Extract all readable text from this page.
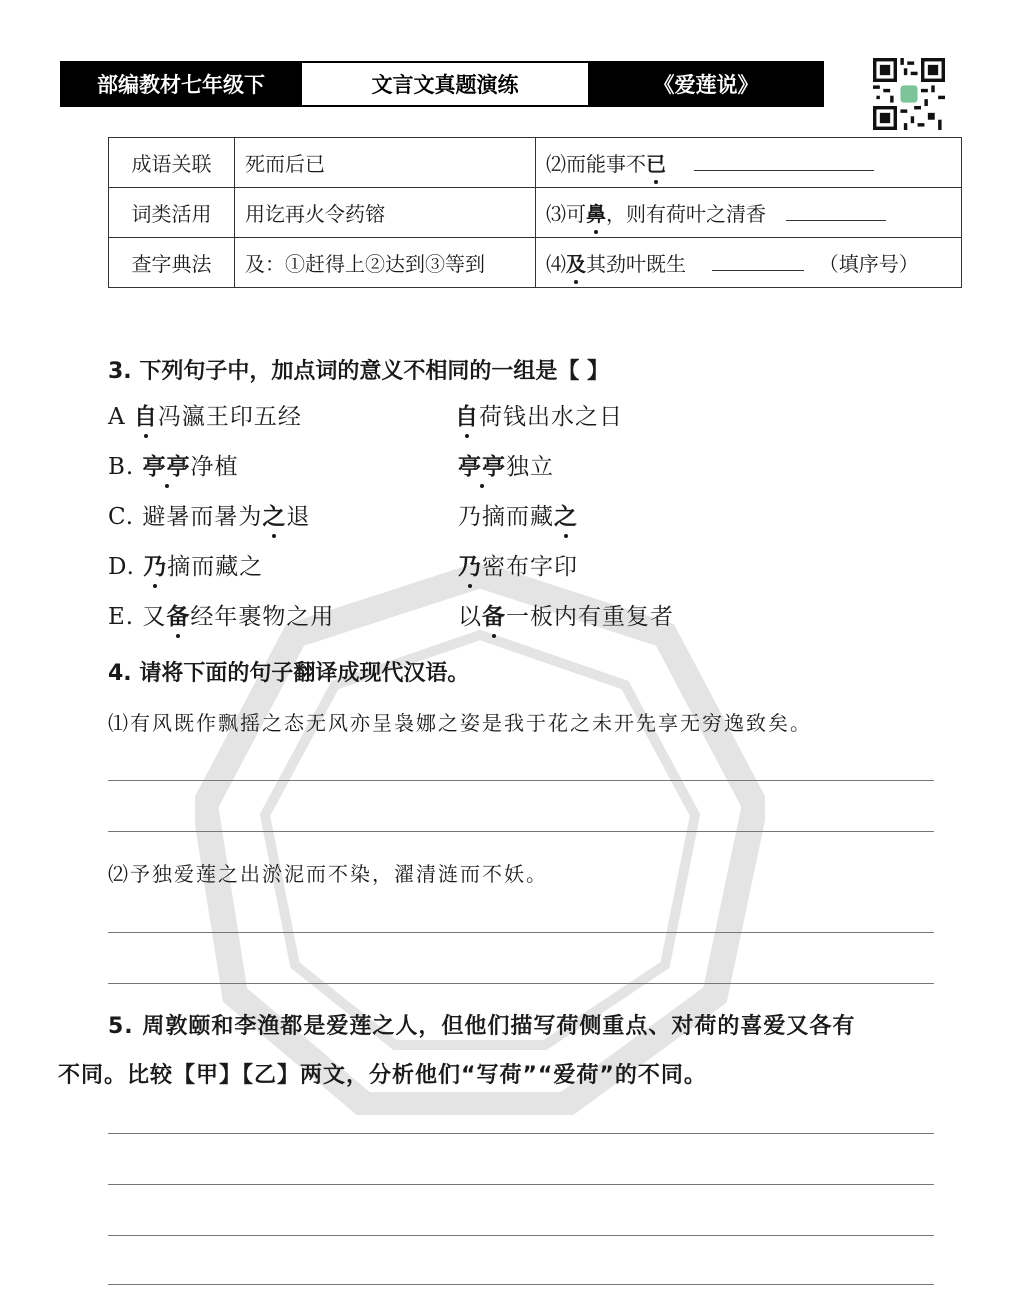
部编教材七年级下	文言文真题演练	《爱莲说》
成语关联	死而后已	⑵而能事不已
词类活用	用讫再火令药镕	⑶可鼻，则有荷叶之清香
查字典法	及：①赶得上②达到③等到	⑷及其劲叶既生 （填序号）
3. 下列句子中，加点词的意义不相同的一组是【 】
A 自冯瀛王印五经	自荷钱出水之日
B. 亭亭净植	亭亭独立
C. 避暑而暑为之退	乃摘而藏之
D. 乃摘而藏之	乃密布字印
E. 又备经年裹物之用	以备一板内有重复者
4. 请将下面的句子翻译成现代汉语。
⑴有风既作飘摇之态无风亦呈袅娜之姿是我于花之未开先享无穷逸致矣。
⑵予独爱莲之出淤泥而不染，濯清涟而不妖。
5. 周敦颐和李渔都是爱莲之人，但他们描写荷侧重点、对荷的喜爱又各有
不同。比较【甲】【乙】两文，分析他们“写荷”“爱荷”的不同。
